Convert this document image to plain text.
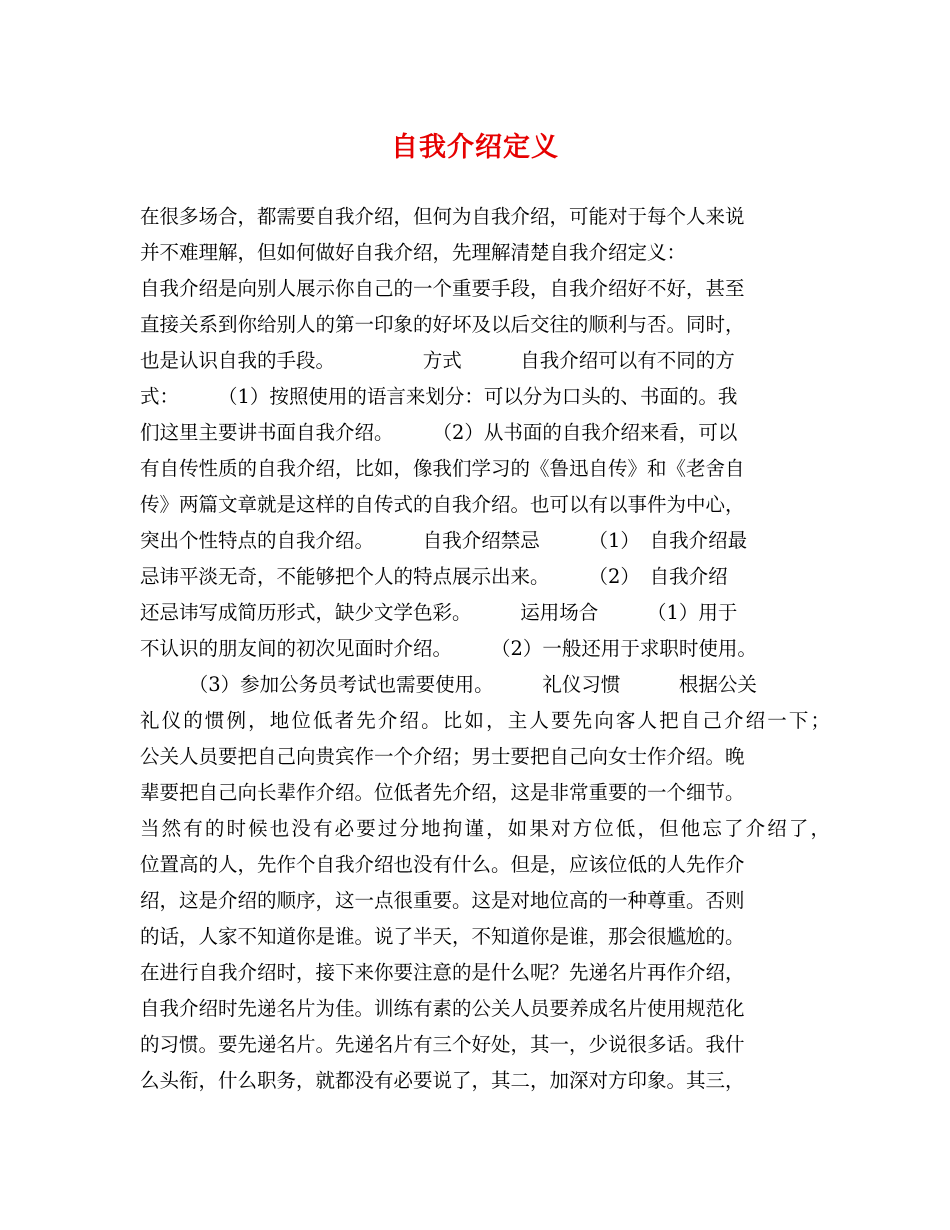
自我介绍定义
在很多场合，都需要自我介绍，但何为自我介绍，可能对于每个人来说
并不难理解，但如何做好自我介绍，先理解清楚自我介绍定义：
自我介绍是向别人展示你自己的一个重要手段，自我介绍好不好，甚至
直接关系到你给别人的第一印象的好坏及以后交往的顺利与否。同时，
也是认识自我的手段。　　　　　方式　　　自我介绍可以有不同的方
式：　　　（1）按照使用的语言来划分：可以分为口头的、书面的。我
们这里主要讲书面自我介绍。　　　（2）从书面的自我介绍来看，可以
有自传性质的自我介绍，比如，像我们学习的《鲁迅自传》和《老舍自
传》两篇文章就是这样的自传式的自我介绍。也可以有以事件为中心，
突出个性特点的自我介绍。　　　自我介绍禁忌　　　（1）　自我介绍最
忌讳平淡无奇，不能够把个人的特点展示出来。　　　（2）　自我介绍
还忌讳写成简历形式，缺少文学色彩。　　　运用场合　　　（1）用于
不认识的朋友间的初次见面时介绍。　　　（2）一般还用于求职时使用。
　　　（3）参加公务员考试也需要使用。　　　礼仪习惯　　　根据公关
礼仪的惯例，地位低者先介绍。比如，主人要先向客人把自己介绍一下；
公关人员要把自己向贵宾作一个介绍；男士要把自己向女士作介绍。晚
辈要把自己向长辈作介绍。位低者先介绍，这是非常重要的一个细节。
当然有的时候也没有必要过分地拘谨，如果对方位低，但他忘了介绍了，
位置高的人，先作个自我介绍也没有什么。但是，应该位低的人先作介
绍，这是介绍的顺序，这一点很重要。这是对地位高的一种尊重。否则
的话，人家不知道你是谁。说了半天，不知道你是谁，那会很尴尬的。
在进行自我介绍时，接下来你要注意的是什么呢？先递名片再作介绍，
自我介绍时先递名片为佳。训练有素的公关人员要养成名片使用规范化
的习惯。要先递名片。先递名片有三个好处，其一，少说很多话。我什
么头衔，什么职务，就都没有必要说了，其二，加深对方印象。其三，
